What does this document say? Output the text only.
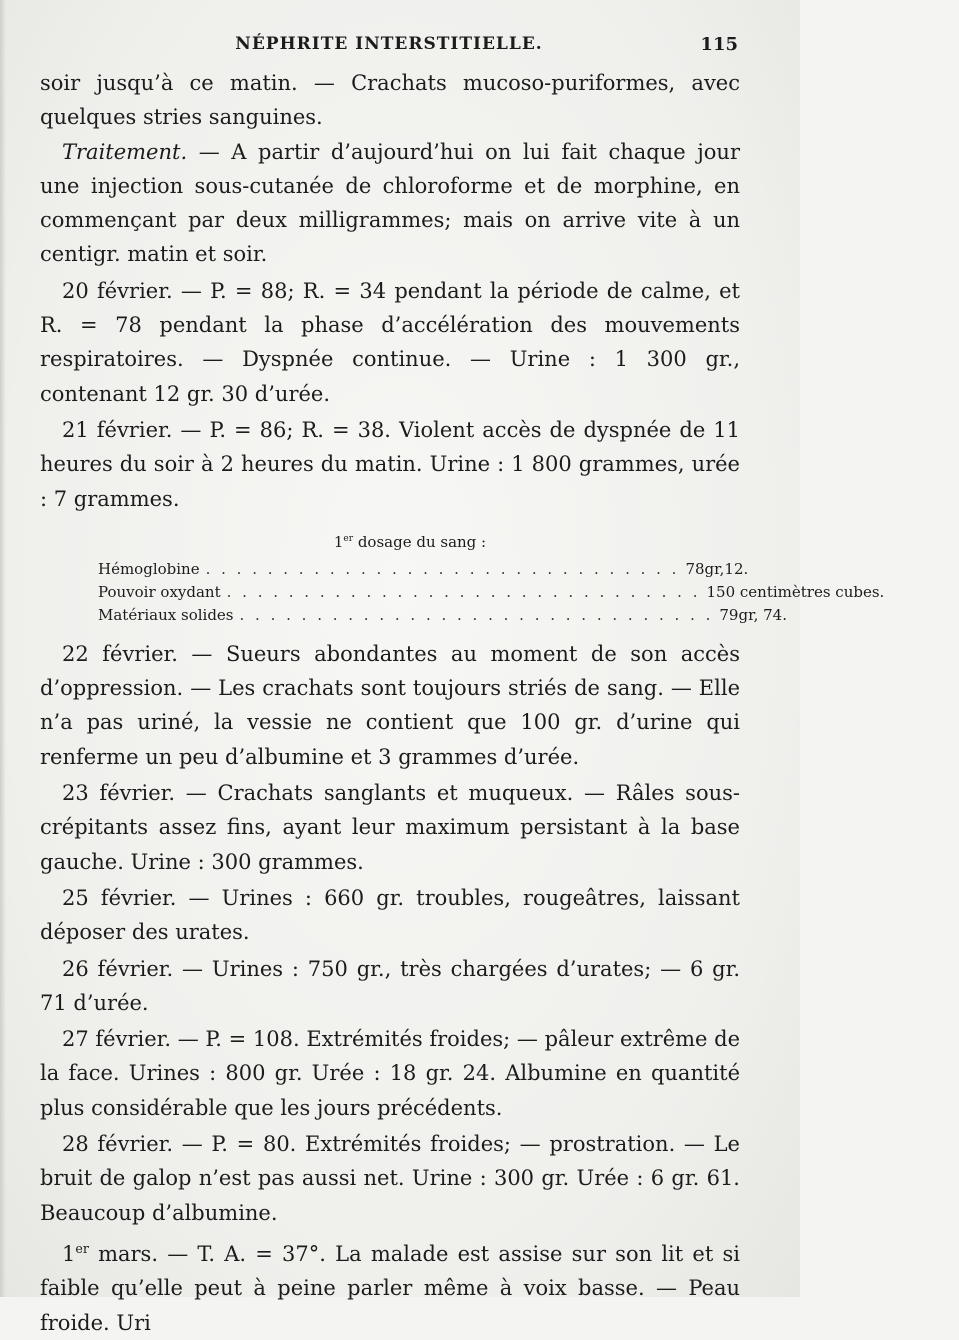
NÉPHRITE INTERSTITIELLE.	115

soir jusqu’à ce matin. — Crachats mucoso-puriformes, avec quelques stries sanguines.

Traitement. — A partir d’aujourd’hui on lui fait chaque jour une injection sous-cutanée de chloroforme et de morphine, en commençant par deux milligrammes; mais on arrive vite à un centigr. matin et soir.

20 février. — P. = 88; R. = 34 pendant la période de calme, et R. = 78 pendant la phase d’accélération des mouvements respiratoires. — Dyspnée continue. — Urine : 1 300 gr., contenant 12 gr. 30 d’urée.

21 février. — P. = 86; R. = 38. Violent accès de dyspnée de 11 heures du soir à 2 heures du matin. Urine : 1 800 grammes, urée : 7 grammes.

1er dosage du sang :
Hémoglobine . . . . . . . . . . . . . . . . . . . . . . . . . . . . . . . 78gr,12.
Pouvoir oxydant . . . . . . . . . . . . . . . . . . . . . . . . . . . . . . . 150 centimètres cubes.
Matériaux solides . . . . . . . . . . . . . . . . . . . . . . . . . . . . . . . 79gr, 74.

22 février. — Sueurs abondantes au moment de son accès d’oppression. — Les crachats sont toujours striés de sang. — Elle n’a pas uriné, la vessie ne contient que 100 gr. d’urine qui renferme un peu d’albumine et 3 grammes d’urée.

23 février. — Crachats sanglants et muqueux. — Râles sous-crépitants assez fins, ayant leur maximum persistant à la base gauche. Urine : 300 grammes.

25 février. — Urines : 660 gr. troubles, rougeâtres, laissant déposer des urates.

26 février. — Urines : 750 gr., très chargées d’urates; — 6 gr. 71 d’urée.

27 février. — P. = 108. Extrémités froides; — pâleur extrême de la face. Urines : 800 gr. Urée : 18 gr. 24. Albumine en quantité plus considérable que les jours précédents.

28 février. — P. = 80. Extrémités froides; — prostration. — Le bruit de galop n’est pas aussi net. Urine : 300 gr. Urée : 6 gr. 61. Beaucoup d’albumine.

1er mars. — T. A. = 37°. La malade est assise sur son lit et si faible qu’elle peut à peine parler même à voix basse. — Peau froide. Uri
